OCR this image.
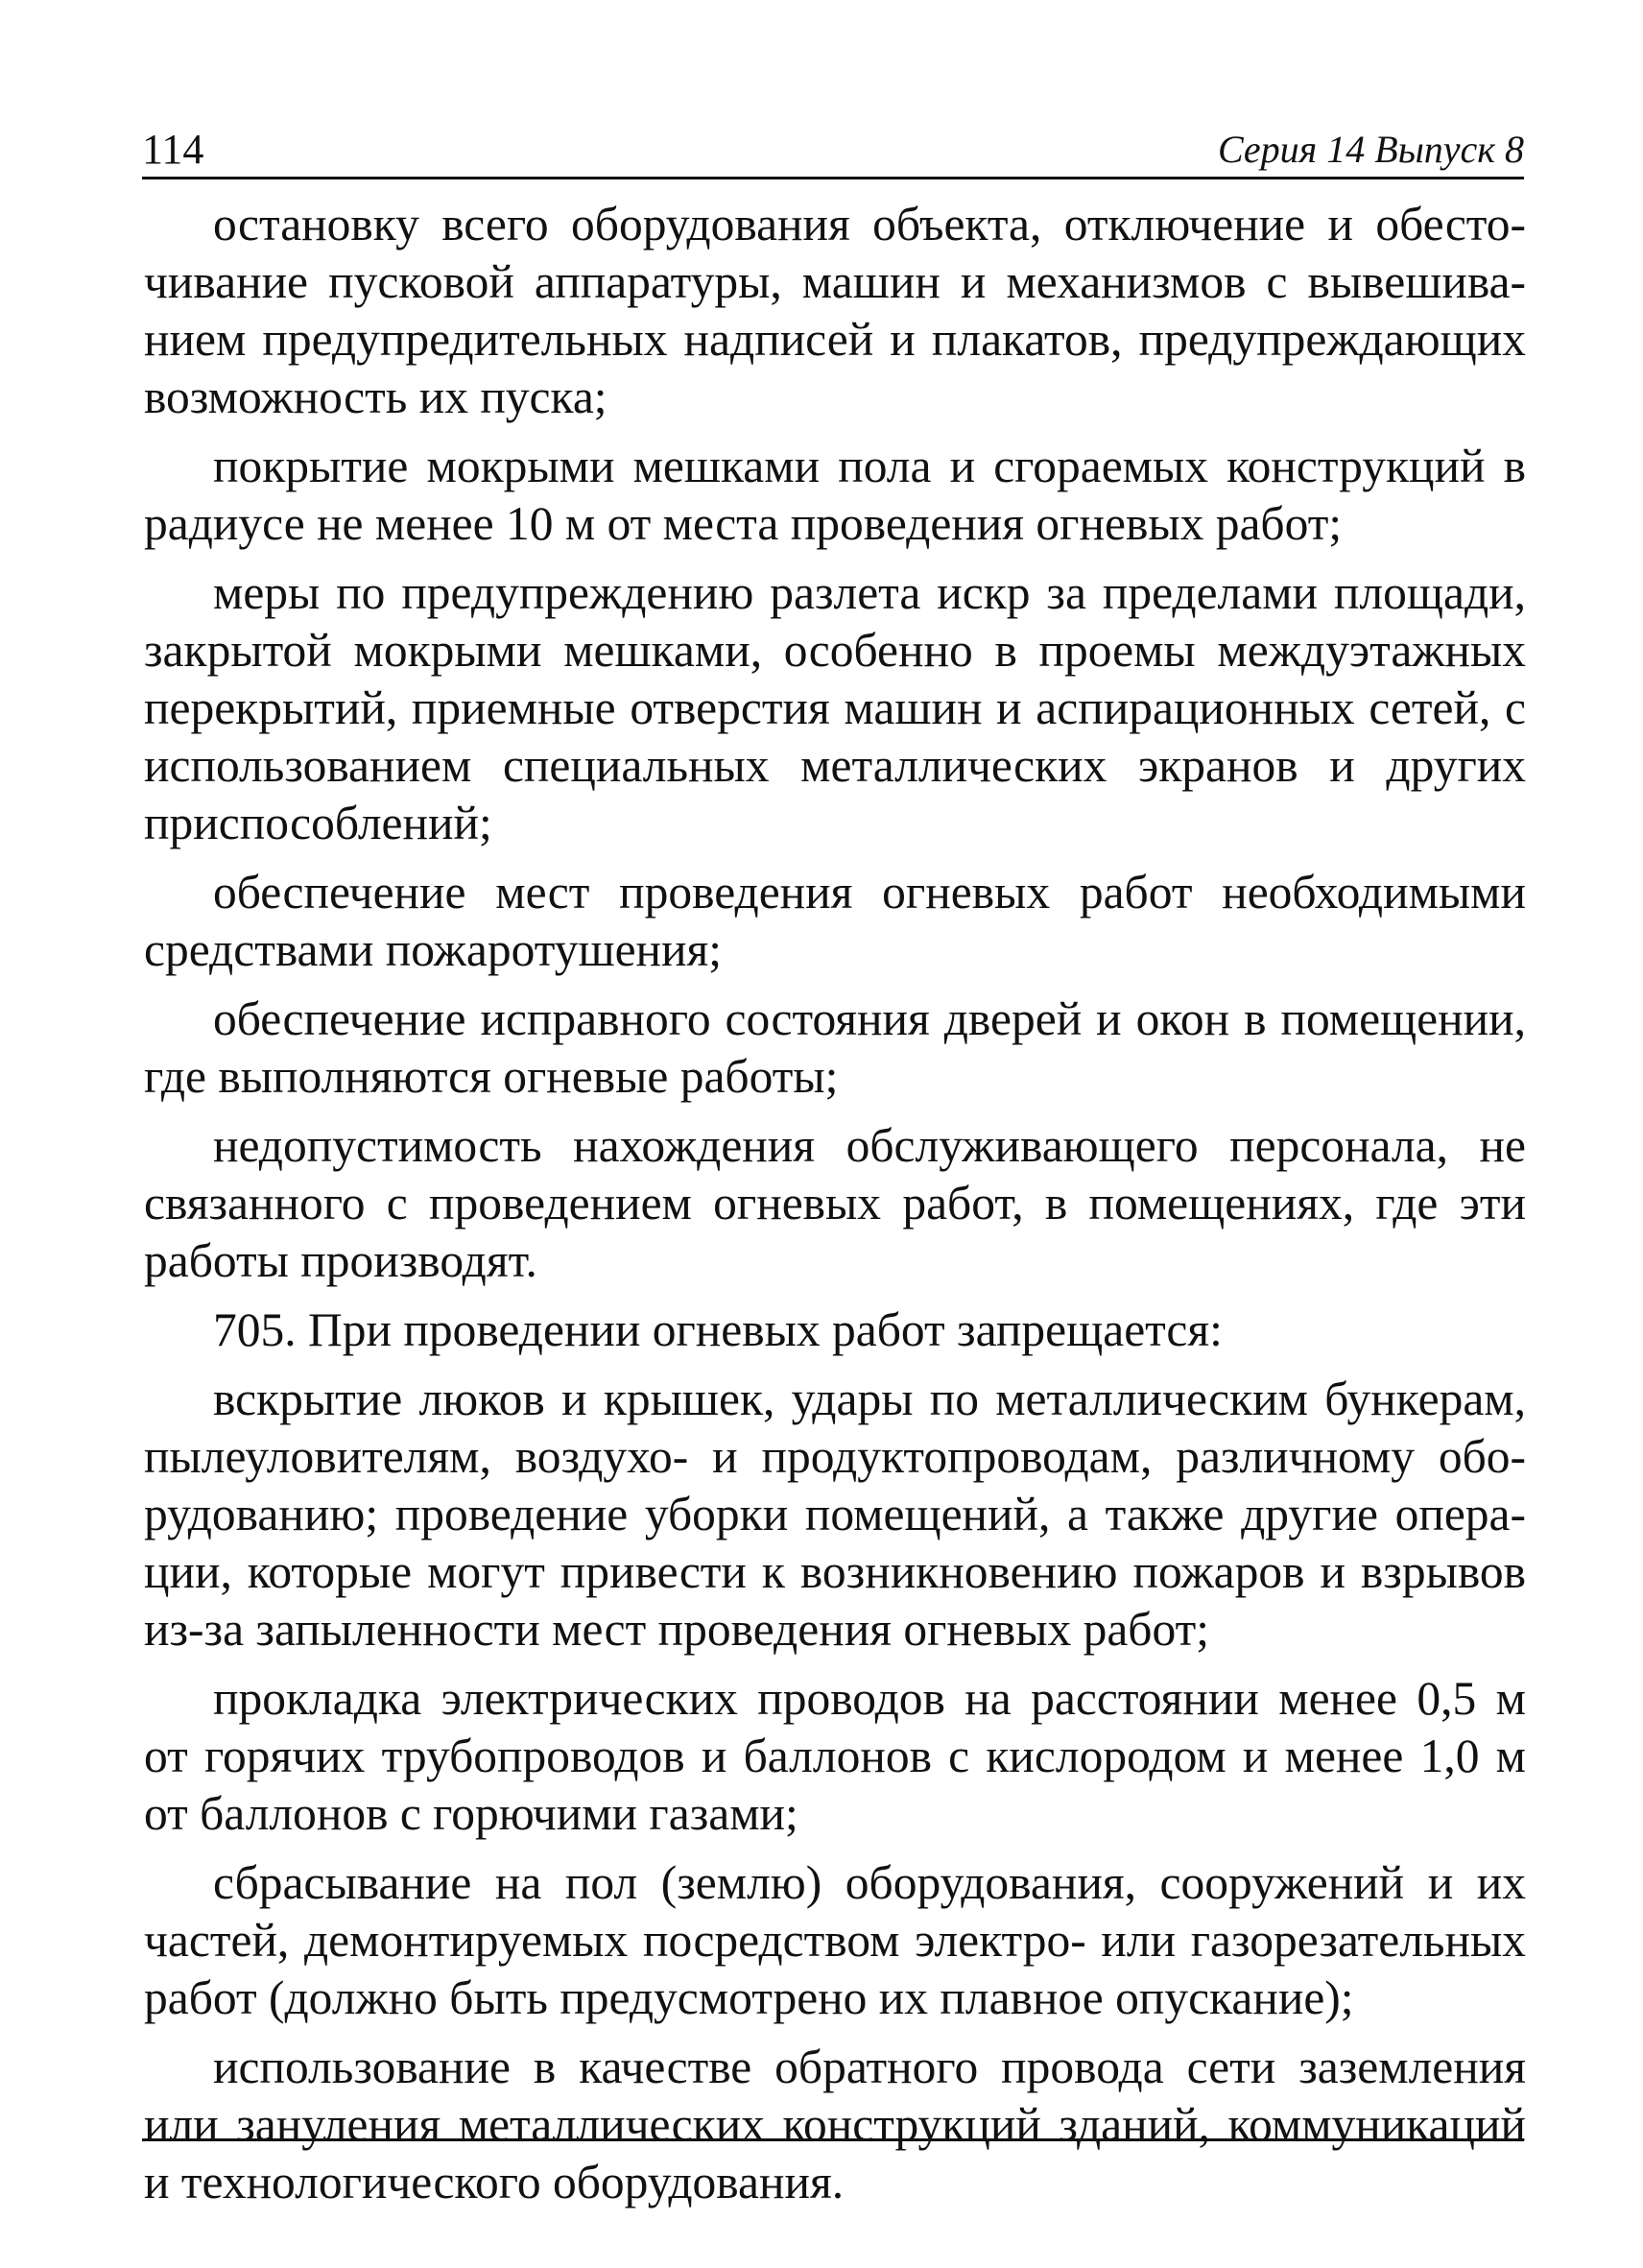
114	Серия 14 Выпуск 8

остановку всего оборудования объекта, отключение и обесточивание пусковой аппаратуры, машин и механизмов с вывешиванием предупредительных надписей и плакатов, предупреждающих возможность их пуска;

покрытие мокрыми мешками пола и сгораемых конструкций в радиусе не менее 10 м от места проведения огневых работ;

меры по предупреждению разлета искр за пределами площади, закрытой мокрыми мешками, особенно в проемы междуэтажных перекрытий, приемные отверстия машин и аспирационных сетей, с использованием специальных металлических экранов и других приспособлений;

обеспечение мест проведения огневых работ необходимыми средствами пожаротушения;

обеспечение исправного состояния дверей и окон в помещении, где выполняются огневые работы;

недопустимость нахождения обслуживающего персонала, не связанного с проведением огневых работ, в помещениях, где эти работы производят.

705. При проведении огневых работ запрещается:

вскрытие люков и крышек, удары по металлическим бункерам, пылеуловителям, воздухо- и продуктопроводам, различному оборудованию; проведение уборки помещений, а также другие операции, которые могут привести к возникновению пожаров и взрывов из-за запыленности мест проведения огневых работ;

прокладка электрических проводов на расстоянии менее 0,5 м от горячих трубопроводов и баллонов с кислородом и менее 1,0 м от баллонов с горючими газами;

сбрасывание на пол (землю) оборудования, сооружений и их частей, демонтируемых посредством электро- или газорезательных работ (должно быть предусмотрено их плавное опускание);

использование в качестве обратного провода сети заземления или зануления металлических конструкций зданий, коммуникаций и технологического оборудования.
